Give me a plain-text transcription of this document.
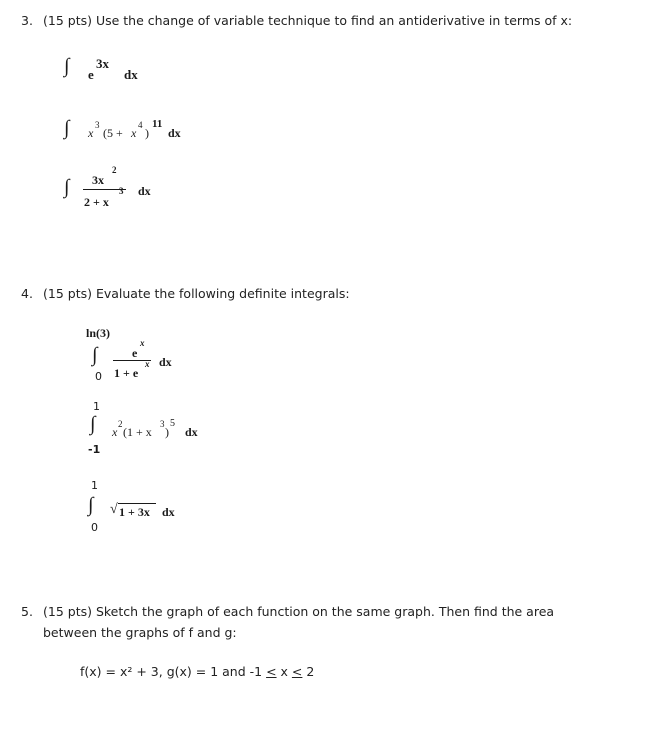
3. (15 pts) Use the change of variable technique to find an antiderivative in terms of x:
∫ e
3x
dx
∫ x
3
(5 + x
4
)
11
dx
∫ 3x
2
2 + x
3 dx
4. (15 pts) Evaluate the following definite integrals:
ln(3)
∫
0
e
x
1 + e
x dx
1
∫
-1
x
2
(1 + x
3
)
5
dx
1
∫
0
√ 1 + 3x dx
5. (15 pts) Sketch the graph of each function on the same graph. Then find the area
between the graphs of f and g:
f(x) = x² + 3, g(x) = 1 and -1 ≤ x ≤ 2
